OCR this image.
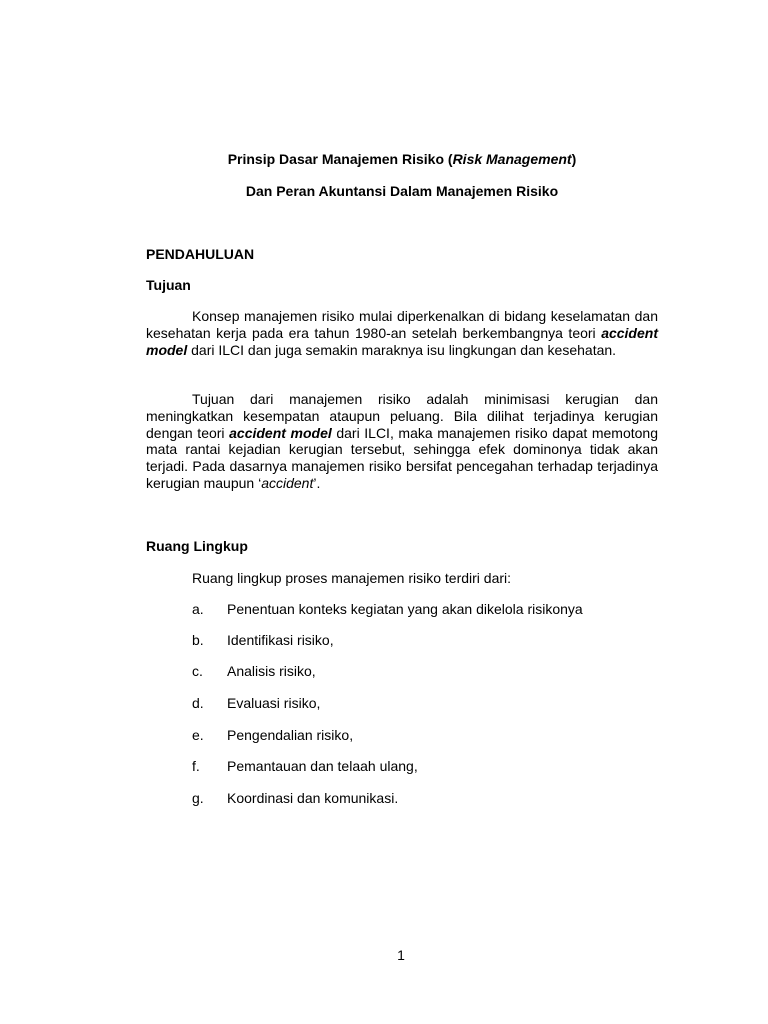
Prinsip Dasar Manajemen Risiko (Risk Management)
Dan Peran Akuntansi Dalam Manajemen Risiko
PENDAHULUAN
Tujuan

Konsep manajemen risiko mulai diperkenalkan di bidang keselamatan dan kesehatan kerja pada era tahun 1980-an setelah berkembangnya teori accident model dari ILCI dan juga semakin maraknya isu lingkungan dan kesehatan.

Tujuan dari manajemen risiko adalah minimisasi kerugian dan meningkatkan kesempatan ataupun peluang. Bila dilihat terjadinya kerugian dengan teori accident model dari ILCI, maka manajemen risiko dapat memotong mata rantai kejadian kerugian tersebut, sehingga efek dominonya tidak akan terjadi. Pada dasarnya manajemen risiko bersifat pencegahan terhadap terjadinya kerugian maupun ‘accident’.

Ruang Lingkup
Ruang lingkup proses manajemen risiko terdiri dari:
a. Penentuan konteks kegiatan yang akan dikelola risikonya
b. Identifikasi risiko,
c. Analisis risiko,
d. Evaluasi risiko,
e. Pengendalian risiko,
f. Pemantauan dan telaah ulang,
g. Koordinasi dan komunikasi.
1
